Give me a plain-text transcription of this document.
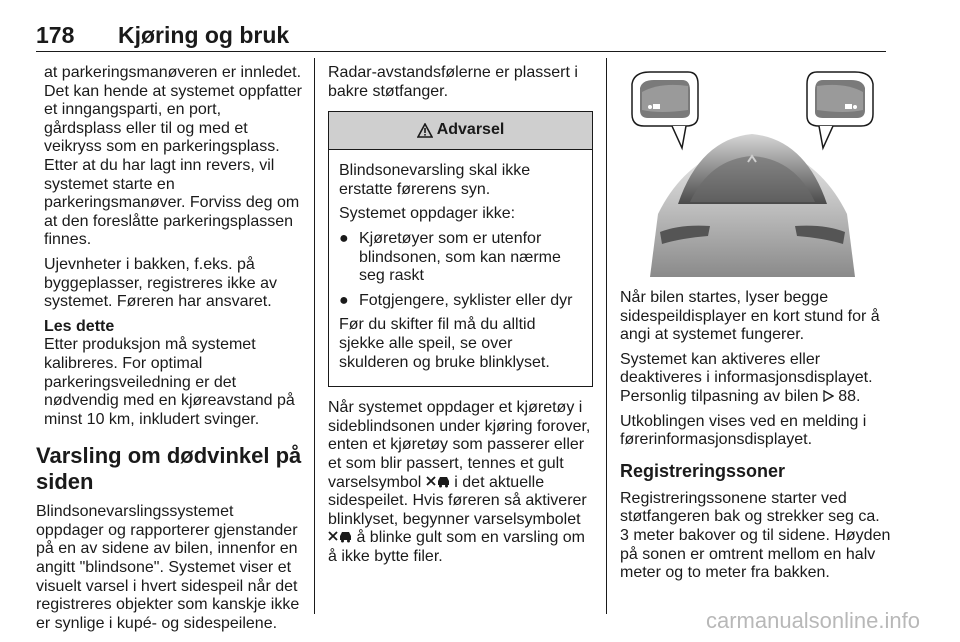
178 Kjøring og bruk
at parkeringsmanøveren er innledet. Det kan hende at systemet oppfatter et inngangsparti, en port, gårdsplass eller til og med et veikryss som en parkeringsplass. Etter at du har lagt inn revers, vil systemet starte en parkeringsmanøver. Forviss deg om at den foreslåtte parkeringsplassen finnes.
Ujevnheter i bakken, f.eks. på byggeplasser, registreres ikke av systemet. Føreren har ansvaret.
Les dette
Etter produksjon må systemet kalibreres. For optimal parkeringsveiledning er det nødvendig med en kjøreavstand på minst 10 km, inkludert svinger.
Varsling om dødvinkel på siden
Blindsonevarslingssystemet oppdager og rapporterer gjenstander på en av sidene av bilen, innenfor en angitt "blindsone". Systemet viser et visuelt varsel i hvert sidespeil når det registreres objekter som kanskje ikke er synlige i kupé- og sidespeilene.
Radar-avstandsfølerne er plassert i bakre støtfanger.
Advarsel
Blindsonevarsling skal ikke erstatte førerens syn.
Systemet oppdager ikke:
● Kjøretøyer som er utenfor blindsonen, som kan nærme seg raskt
● Fotgjengere, syklister eller dyr
Før du skifter fil må du alltid sjekke alle speil, se over skulderen og bruke blinklyset.
Når systemet oppdager et kjøretøy i sideblindsonen under kjøring forover, enten et kjøretøy som passerer eller et som blir passert, tennes et gult varselsymbol i det aktuelle sidespeilet. Hvis føreren så aktiverer blinklyset, begynner varselsymbolet  å blinke gult som en varsling om å ikke bytte filer.
Når bilen startes, lyser begge sidespeildisplayer en kort stund for å angi at systemet fungerer.
Systemet kan aktiveres eller deaktiveres i informasjonsdisplayet.
Personlig tilpasning av bilen 88.
Utkoblingen vises ved en melding i førerinformasjonsdisplayet.
Registreringssoner
Registreringssonene starter ved støtfangeren bak og strekker seg ca.
3 meter bakover og til sidene. Høyden på sonen er omtrent mellom en halv meter og to meter fra bakken.
carmanualsonline.info
